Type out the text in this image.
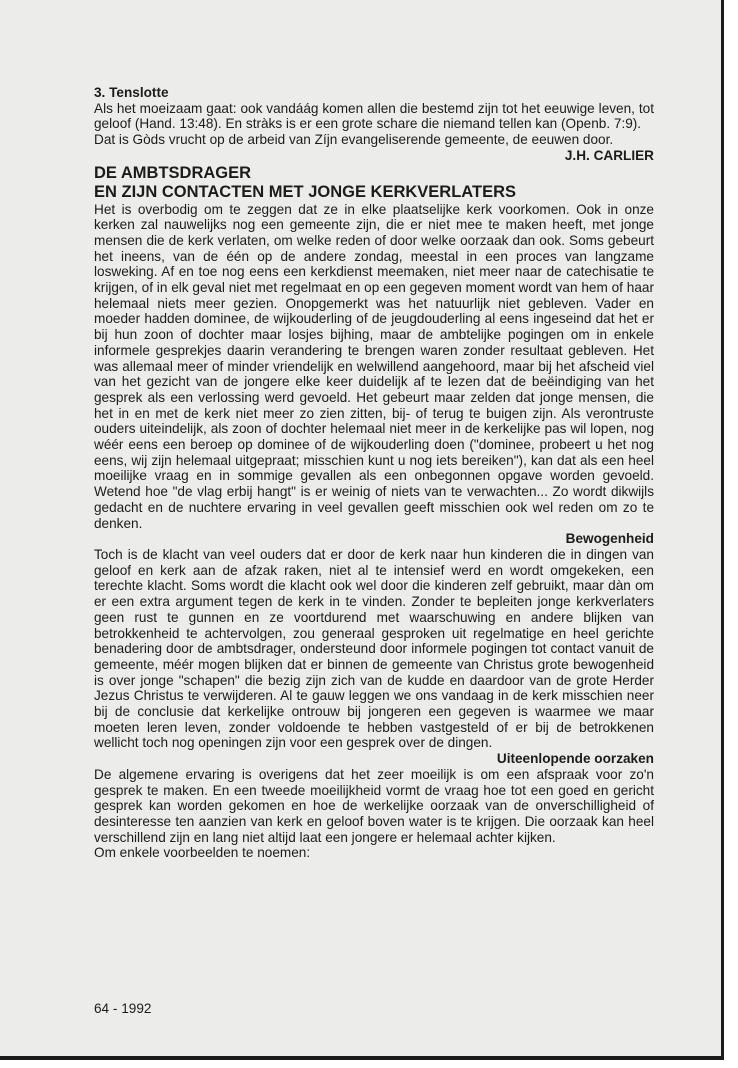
3. Tenslotte

Als het moeizaam gaat: ook vandáág komen allen die bestemd zijn tot het eeuwige leven, tot geloof (Hand. 13:48). En stràks is er een grote schare die niemand tellen kan (Openb. 7:9).

Dat is Gòds vrucht op de arbeid van Zíjn evangeliserende gemeente, de eeuwen door.

J.H. CARLIER

DE AMBTSDRAGER
EN ZIJN CONTACTEN MET JONGE KERKVERLATERS

Het is overbodig om te zeggen dat ze in elke plaatselijke kerk voorkomen. Ook in onze kerken zal nauwelijks nog een gemeente zijn, die er niet mee te maken heeft, met jonge mensen die de kerk verlaten, om welke reden of door welke oorzaak dan ook. Soms gebeurt het ineens, van de één op de andere zondag, meestal in een proces van langzame losweking. Af en toe nog eens een kerkdienst meemaken, niet meer naar de catechisatie te krijgen, of in elk geval niet met regelmaat en op een gegeven moment wordt van hem of haar helemaal niets meer gezien. Onopgemerkt was het natuurlijk niet gebleven. Vader en moeder hadden dominee, de wijkouderling of de jeugdouderling al eens ingeseind dat het er bij hun zoon of dochter maar losjes bijhing, maar de ambtelijke pogingen om in enkele informele gesprekjes daarin verandering te brengen waren zonder resultaat gebleven. Het was allemaal meer of minder vriendelijk en welwillend aangehoord, maar bij het afscheid viel van het gezicht van de jongere elke keer duidelijk af te lezen dat de beëindiging van het gesprek als een verlossing werd gevoeld. Het gebeurt maar zelden dat jonge mensen, die het in en met de kerk niet meer zo zien zitten, bij- of terug te buigen zijn. Als verontruste ouders uiteindelijk, als zoon of dochter helemaal niet meer in de kerkelijke pas wil lopen, nog wéér eens een beroep op dominee of de wijkouderling doen ("dominee, probeert u het nog eens, wij zijn helemaal uitgepraat; misschien kunt u nog iets bereiken"), kan dat als een heel moeilijke vraag en in sommige gevallen als een onbegonnen opgave worden gevoeld. Wetend hoe "de vlag erbij hangt" is er weinig of niets van te verwachten... Zo wordt dikwijls gedacht en de nuchtere ervaring in veel gevallen geeft misschien ook wel reden om zo te denken.

Bewogenheid

Toch is de klacht van veel ouders dat er door de kerk naar hun kinderen die in dingen van geloof en kerk aan de afzak raken, niet al te intensief werd en wordt omgekeken, een terechte klacht. Soms wordt die klacht ook wel door die kinderen zelf gebruikt, maar dàn om er een extra argument tegen de kerk in te vinden. Zonder te bepleiten jonge kerkverlaters geen rust te gunnen en ze voortdurend met waarschuwing en andere blijken van betrokkenheid te achtervolgen, zou generaal gesproken uit regelmatige en heel gerichte benadering door de ambtsdrager, ondersteund door informele pogingen tot contact vanuit de gemeente, méér mogen blijken dat er binnen de gemeente van Christus grote bewogenheid is over jonge "schapen" die bezig zijn zich van de kudde en daardoor van de grote Herder Jezus Christus te verwijderen. Al te gauw leggen we ons vandaag in de kerk misschien neer bij de conclusie dat kerkelijke ontrouw bij jongeren een gegeven is waarmee we maar moeten leren leven, zonder voldoende te hebben vastgesteld of er bij de betrokkenen wellicht toch nog openingen zijn voor een gesprek over de dingen.

Uiteenlopende oorzaken

De algemene ervaring is overigens dat het zeer moeilijk is om een afspraak voor zo'n gesprek te maken. En een tweede moeilijkheid vormt de vraag hoe tot een goed en gericht gesprek kan worden gekomen en hoe de werkelijke oorzaak van de onverschilligheid of desinteresse ten aanzien van kerk en geloof boven water is te krijgen. Die oorzaak kan heel verschillend zijn en lang niet altijd laat een jongere er helemaal achter kijken.

Om enkele voorbeelden te noemen:

64 - 1992
